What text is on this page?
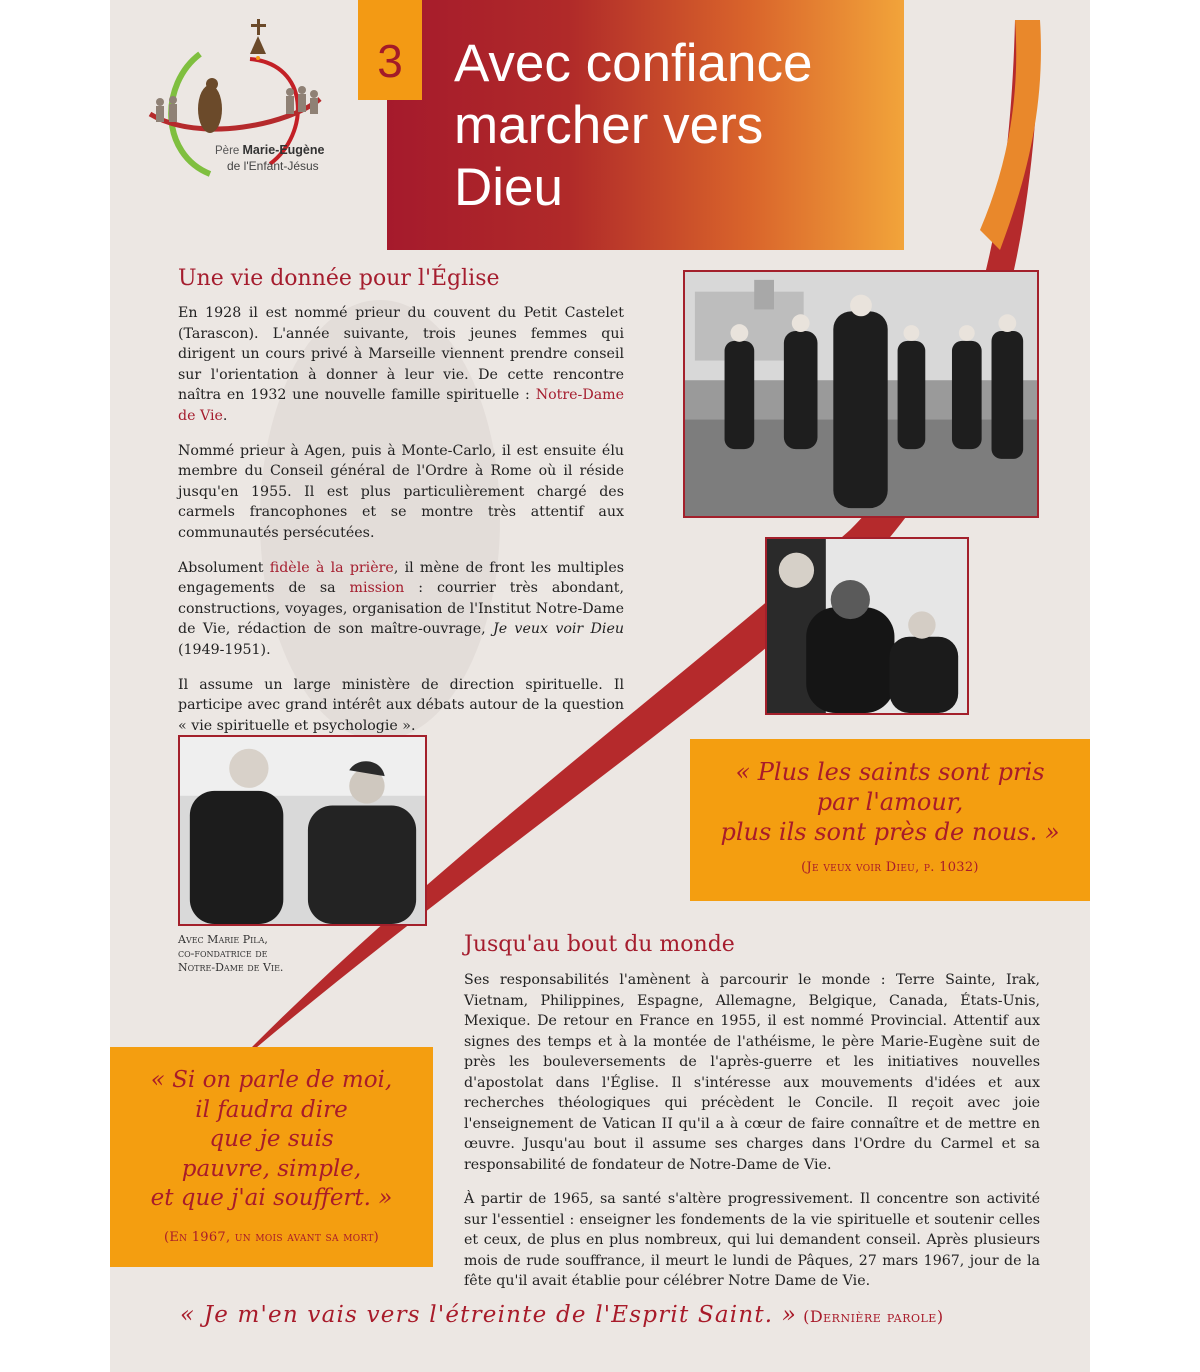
Père Marie-Eugène
de l'Enfant-Jésus
3 Avec confiance
marcher vers
Dieu
Une vie donnée pour l'Église

En 1928 il est nommé prieur du couvent du Petit Castelet (Tarascon). L'année suivante, trois jeunes femmes qui dirigent un cours privé à Marseille viennent prendre conseil sur l'orientation à donner à leur vie. De cette rencontre naîtra en 1932 une nouvelle famille spirituelle : Notre-Dame de Vie.

Nommé prieur à Agen, puis à Monte-Carlo, il est ensuite élu membre du Conseil général de l'Ordre à Rome où il réside jusqu'en 1955. Il est plus particulièrement chargé des carmels francophones et se montre très attentif aux communautés persécutées.

Absolument fidèle à la prière, il mène de front les multiples engagements de sa mission : courrier très abondant, constructions, voyages, organisation de l'Institut Notre-Dame de Vie, rédaction de son maître-ouvrage, Je veux voir Dieu (1949-1951).

Il assume un large ministère de direction spirituelle. Il participe avec grand intérêt aux débats autour de la question « vie spirituelle et psychologie ».

Avec Marie Pila,
co-fondatrice de
Notre-Dame de Vie.
« Plus les saints sont pris
par l'amour,
plus ils sont près de nous. »
(Je veux voir Dieu, p. 1032)
Jusqu'au bout du monde

Ses responsabilités l'amènent à parcourir le monde : Terre Sainte, Irak, Vietnam, Philippines, Espagne, Allemagne, Belgique, Canada, États-Unis, Mexique. De retour en France en 1955, il est nommé Provincial. Attentif aux signes des temps et à la montée de l'athéisme, le père Marie-Eugène suit de près les bouleversements de l'après-guerre et les initiatives nouvelles d'apostolat dans l'Église. Il s'intéresse aux mouvements d'idées et aux recherches théologiques qui précèdent le Concile. Il reçoit avec joie l'enseignement de Vatican II qu'il a à cœur de faire connaître et de mettre en œuvre. Jusqu'au bout il assume ses charges dans l'Ordre du Carmel et sa responsabilité de fondateur de Notre-Dame de Vie.

À partir de 1965, sa santé s'altère progressivement. Il concentre son activité sur l'essentiel : enseigner les fondements de la vie spirituelle et soutenir celles et ceux, de plus en plus nombreux, qui lui demandent conseil. Après plusieurs mois de rude souffrance, il meurt le lundi de Pâques, 27 mars 1967, jour de la fête qu'il avait établie pour célébrer Notre Dame de Vie.

« Si on parle de moi,
il faudra dire
que je suis
pauvre, simple,
et que j'ai souffert. »
(En 1967, un mois avant sa mort)
« Je m'en vais vers l'étreinte de l'Esprit Saint. » (Dernière parole)
